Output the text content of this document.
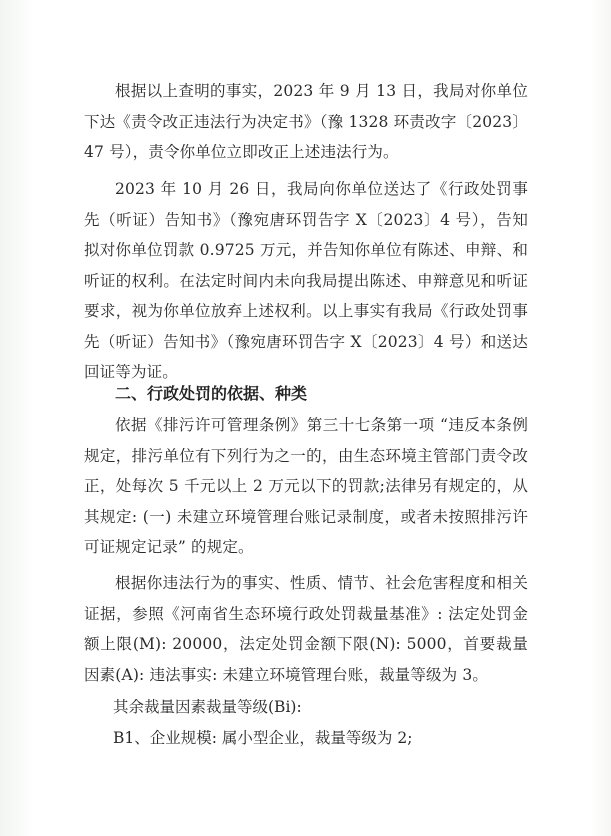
根据以上查明的事实，2023 年 9 月 13 日，我局对你单位下达《责令改正违法行为决定书》（豫 1328 环责改字〔2023〕47 号），责令你单位立即改正上述违法行为。

2023 年 10 月 26 日，我局向你单位送达了《行政处罚事先（听证）告知书》（豫宛唐环罚告字 X〔2023〕4 号），告知拟对你单位罚款 0.9725 万元，并告知你单位有陈述、申辩、和听证的权利。在法定时间内未向我局提出陈述、申辩意见和听证要求，视为你单位放弃上述权利。以上事实有我局《行政处罚事先（听证）告知书》（豫宛唐环罚告字 X〔2023〕4 号）和送达回证等为证。

二、行政处罚的依据、种类

依据《排污许可管理条例》第三十七条第一项 “违反本条例规定，排污单位有下列行为之一的，由生态环境主管部门责令改正，处每次 5 千元以上 2 万元以下的罚款;法律另有规定的，从其规定: (一) 未建立环境管理台账记录制度，或者未按照排污许可证规定记录” 的规定。

根据你违法行为的事实、性质、情节、社会危害程度和相关证据，参照《河南省生态环境行政处罚裁量基准》: 法定处罚金额上限(M): 20000，法定处罚金额下限(N): 5000，首要裁量因素(A): 违法事实: 未建立环境管理台账，裁量等级为 3。

其余裁量因素裁量等级(Bi):

B1、企业规模: 属小型企业，裁量等级为 2;
